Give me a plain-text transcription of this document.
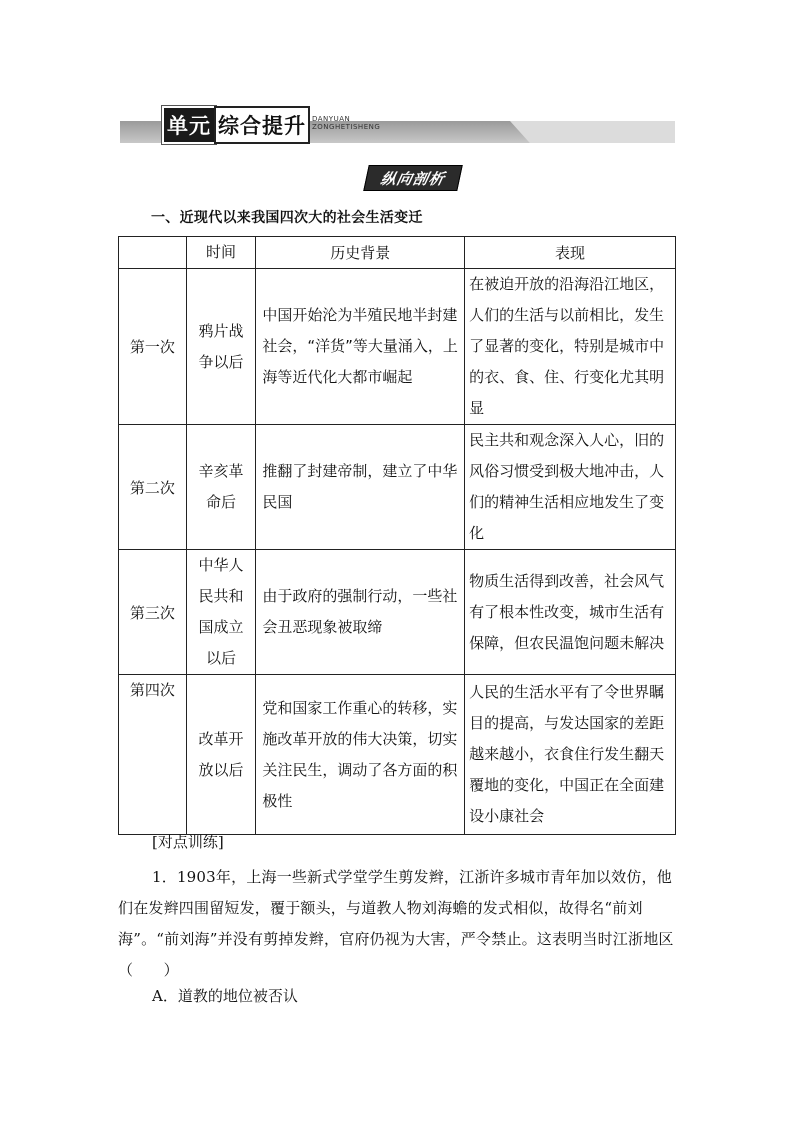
单元 综合提升 DANYUAN
ZONGHETISHENG
纵向剖析
一、近现代以来我国四次大的社会生活变迁
	时间	历史背景	表现
第一次	鸦片战争以后	中国开始沦为半殖民地半封建社会，“洋货”等大量涌入，上海等近代化大都市崛起	在被迫开放的沿海沿江地区，人们的生活与以前相比，发生了显著的变化，特别是城市中的衣、食、住、行变化尤其明显
第二次	辛亥革命后	推翻了封建帝制，建立了中华民国	民主共和观念深入人心，旧的风俗习惯受到极大地冲击，人们的精神生活相应地发生了变化
第三次	中华人民共和国成立以后	由于政府的强制行动，一些社会丑恶现象被取缔	物质生活得到改善，社会风气有了根本性改变，城市生活有保障，但农民温饱问题未解决
第四次	改革开放以后	党和国家工作重心的转移，实施改革开放的伟大决策，切实关注民生，调动了各方面的积极性	人民的生活水平有了令世界瞩目的提高，与发达国家的差距越来越小，衣食住行发生翻天覆地的变化，中国正在全面建设小康社会
[对点训练]
1．1903年，上海一些新式学堂学生剪发辫，江浙许多城市青年加以效仿，他们在发辫四围留短发，覆于额头，与道教人物刘海蟾的发式相似，故得名“前刘海”。“前刘海”并没有剪掉发辫，官府仍视为大害，严令禁止。这表明当时江浙地区（　　）
A．道教的地位被否认
